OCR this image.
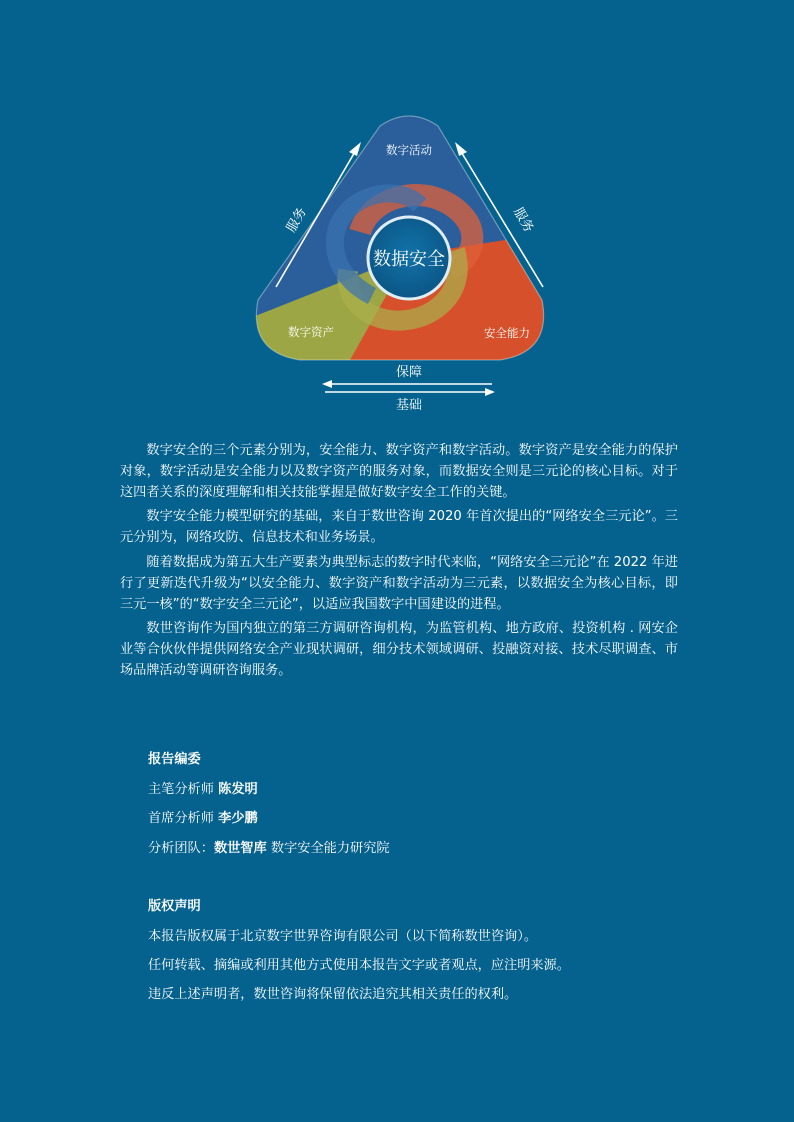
数字活动
数字资产	安全能力
数据安全
服务	服务
保障
基础

数字安全的三个元素分别为，安全能力、数字资产和数字活动。数字资产是安全能力的保护对象，数字活动是安全能力以及数字资产的服务对象，而数据安全则是三元论的核心目标。对于这四者关系的深度理解和相关技能掌握是做好数字安全工作的关键。

数字安全能力模型研究的基础，来自于数世咨询 2020 年首次提出的“网络安全三元论”。三元分别为，网络攻防、信息技术和业务场景。

随着数据成为第五大生产要素为典型标志的数字时代来临，“网络安全三元论”在 2022 年进行了更新迭代升级为“以安全能力、数字资产和数字活动为三元素，以数据安全为核心目标，即三元一核”的“数字安全三元论”，以适应我国数字中国建设的进程。

数世咨询作为国内独立的第三方调研咨询机构，为监管机构、地方政府、投资机构 . 网安企业等合伙伙伴提供网络安全产业现状调研，细分技术领域调研、投融资对接、技术尽职调查、市场品牌活动等调研咨询服务。

报告编委
主笔分析师 陈发明
首席分析师 李少鹏
分析团队：数世智库 数字安全能力研究院
版权声明
本报告版权属于北京数字世界咨询有限公司（以下简称数世咨询）。
任何转载、摘编或利用其他方式使用本报告文字或者观点，应注明来源。
违反上述声明者，数世咨询将保留依法追究其相关责任的权利。
